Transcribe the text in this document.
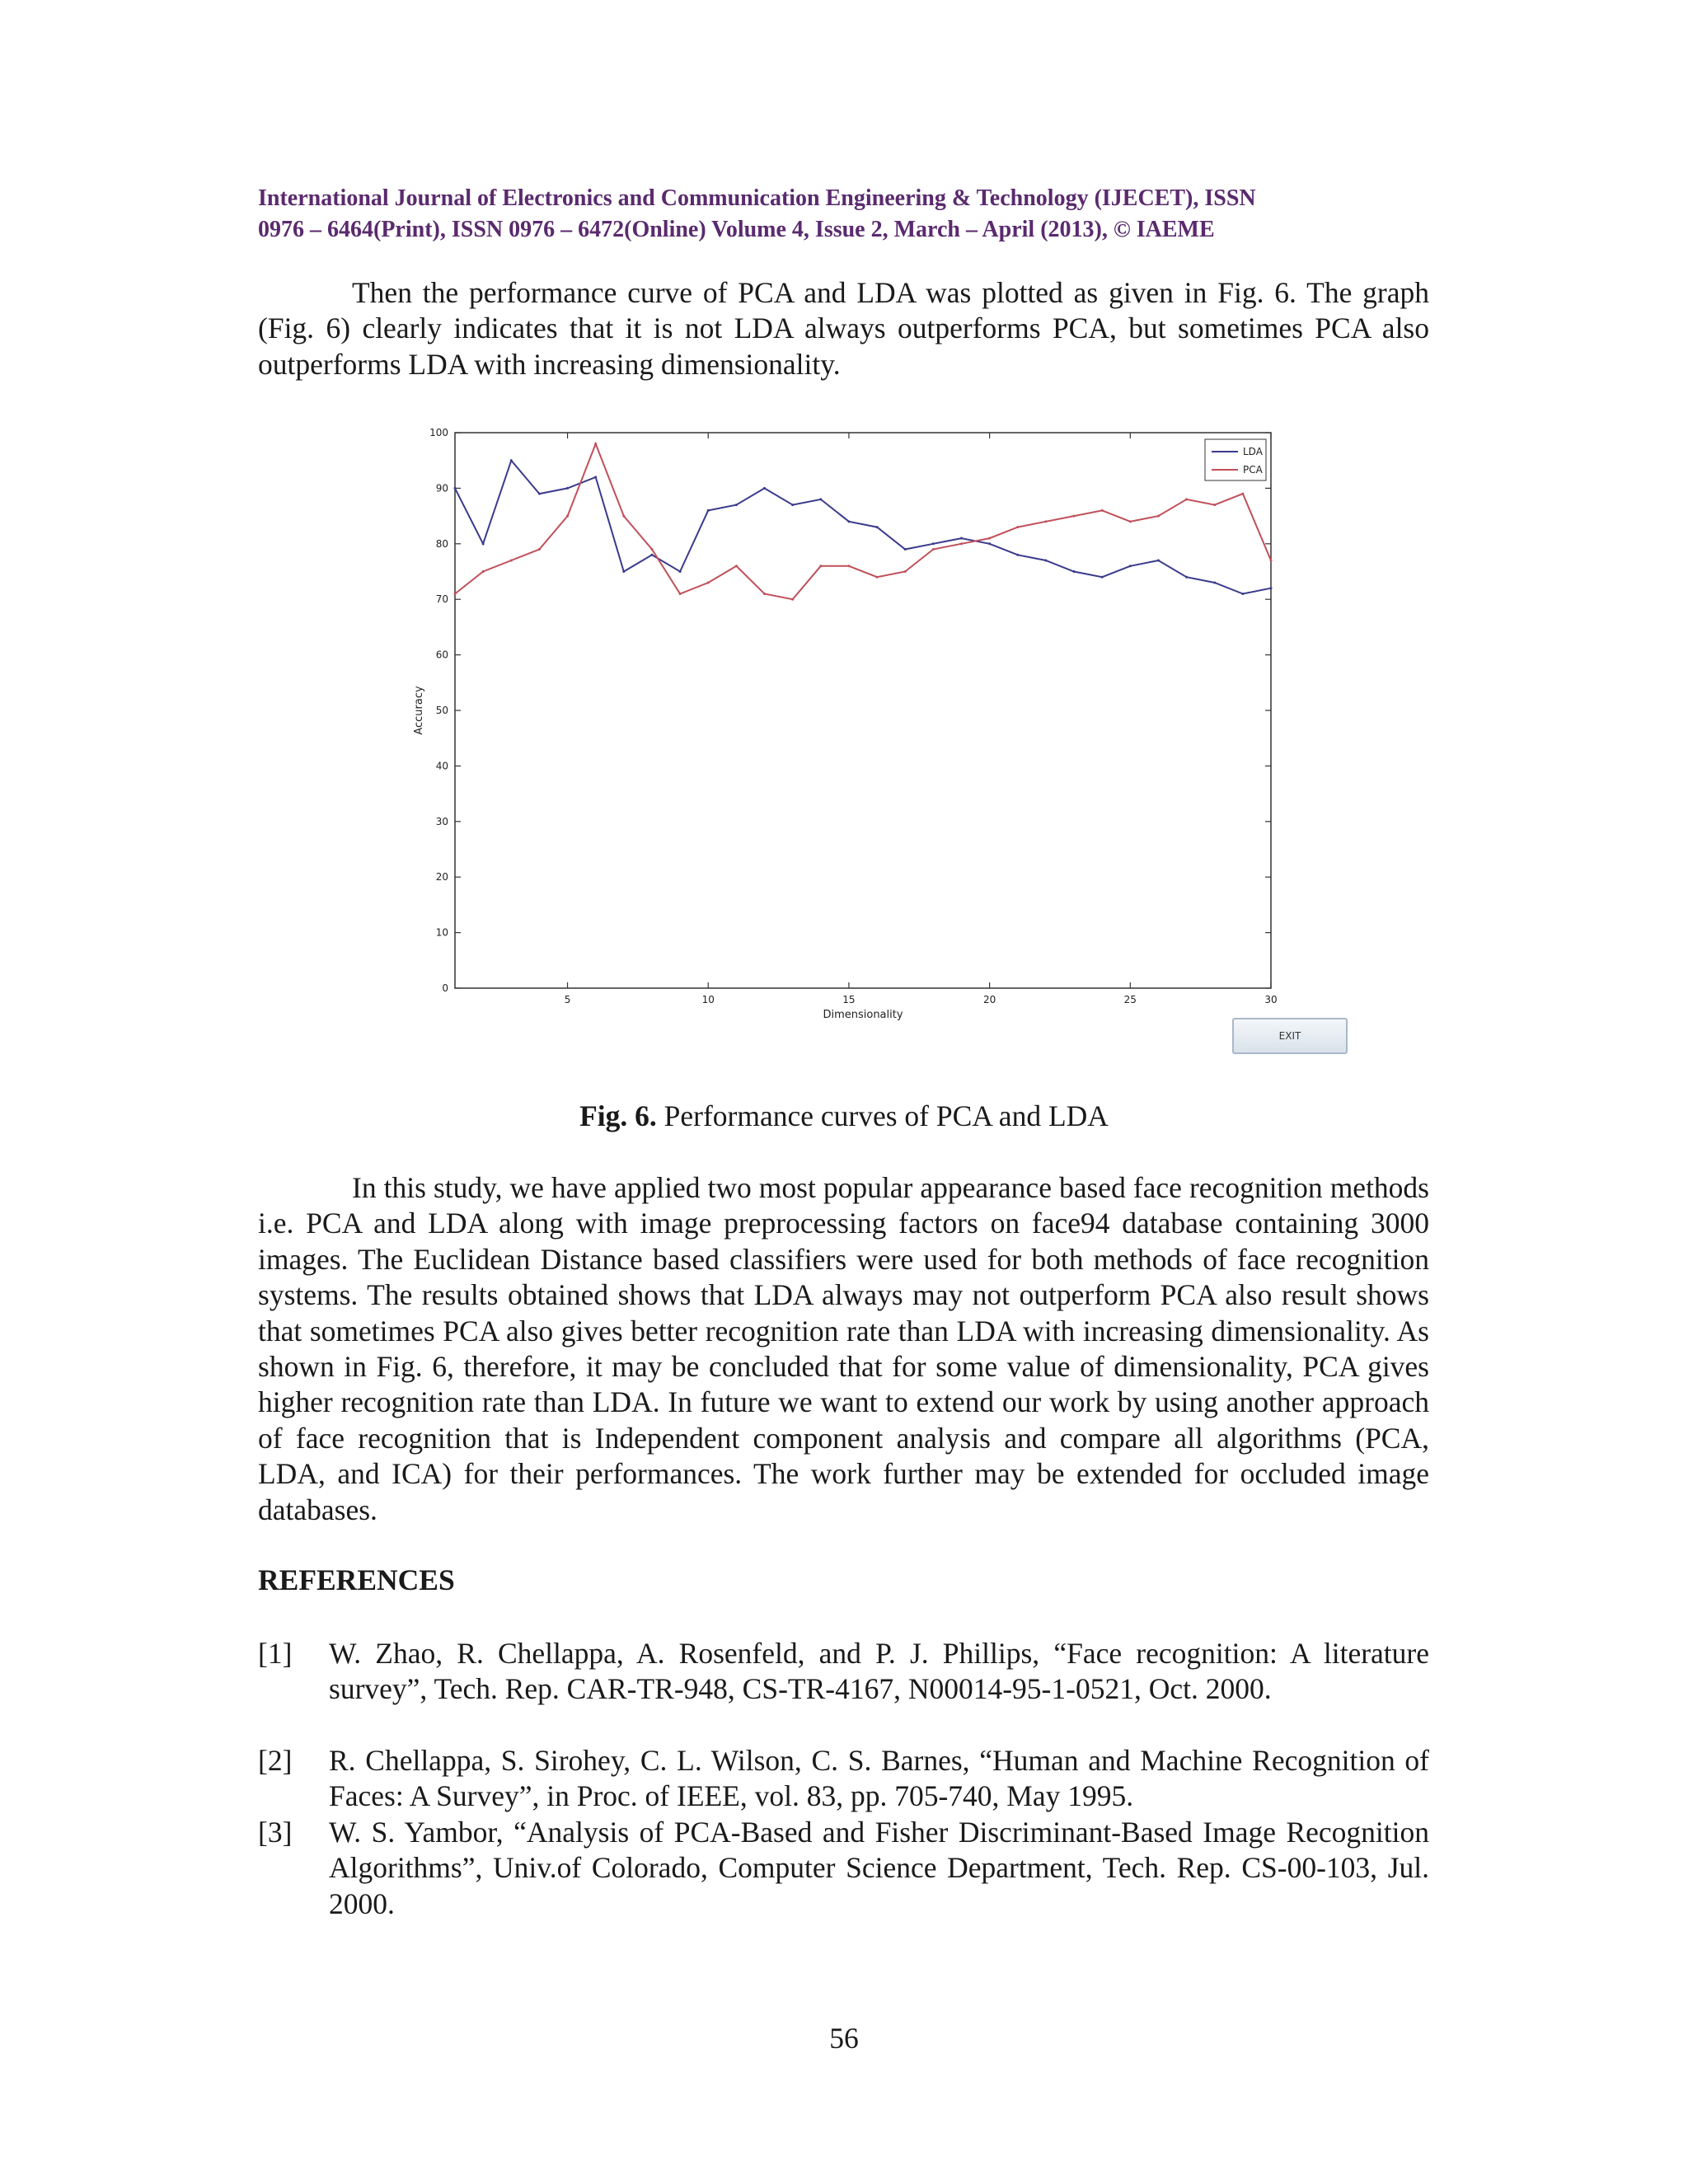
International Journal of Electronics and Communication Engineering & Technology (IJECET), ISSN
0976 – 6464(Print), ISSN 0976 – 6472(Online) Volume 4, Issue 2, March – April (2013), © IAEME
Then the performance curve of PCA and LDA was plotted as given in Fig. 6. The graph (Fig. 6) clearly indicates that it is not LDA always outperforms PCA, but sometimes PCA also outperforms LDA with increasing dimensionality.
0
10
20
30
40
50
60
70
80
90
100
5	10	15	20	25	30
Dimensionality
Accuracy
LDA
PCA
EXIT
Fig. 6. Performance curves of PCA and LDA
In this study, we have applied two most popular appearance based face recognition methods i.e. PCA and LDA along with image preprocessing factors on face94 database containing 3000 images. The Euclidean Distance based classifiers were used for both methods of face recognition systems. The results obtained shows that LDA always may not outperform PCA also result shows that sometimes PCA also gives better recognition rate than LDA with increasing dimensionality. As shown in Fig. 6, therefore, it may be concluded that for some value of dimensionality, PCA gives higher recognition rate than LDA. In future we want to extend our work by using another approach of face recognition that is Independent component analysis and compare all algorithms (PCA, LDA, and ICA) for their performances. The work further may be extended for occluded image databases.
REFERENCES
[1] W. Zhao, R. Chellappa, A. Rosenfeld, and P. J. Phillips, “Face recognition: A literature survey”, Tech. Rep. CAR-TR-948, CS-TR-4167, N00014-95-1-0521, Oct. 2000.
[2] R. Chellappa, S. Sirohey, C. L. Wilson, C. S. Barnes, “Human and Machine Recognition of Faces: A Survey”, in Proc. of IEEE, vol. 83, pp. 705-740, May 1995.
[3] W. S. Yambor, “Analysis of PCA-Based and Fisher Discriminant-Based Image Recognition Algorithms”, Univ.of Colorado, Computer Science Department, Tech. Rep. CS-00-103, Jul. 2000.
56
